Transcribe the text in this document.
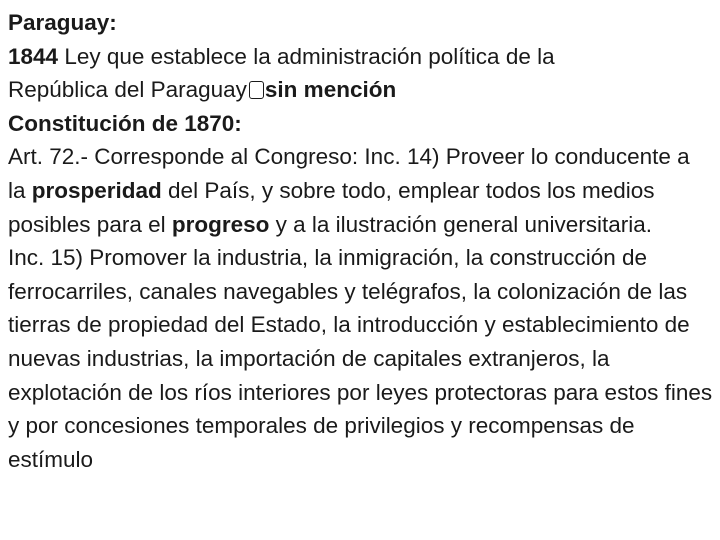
Paraguay:

1844 Ley que establece la administración política de la
República del Paraguay sin mención

Constitución de 1870:

Art. 72.- Corresponde al Congreso: Inc. 14) Proveer lo conducente a la prosperidad del País, y sobre todo, emplear todos los medios posibles para el progreso y a la ilustración general universitaria.

Inc. 15) Promover la industria, la inmigración, la construcción de ferrocarriles, canales navegables y telégrafos, la colonización de las tierras de propiedad del Estado, la introducción y establecimiento de nuevas industrias, la importación de capitales extranjeros, la explotación de los ríos interiores por leyes protectoras para estos fines y por concesiones temporales de privilegios y recompensas de estímulo
